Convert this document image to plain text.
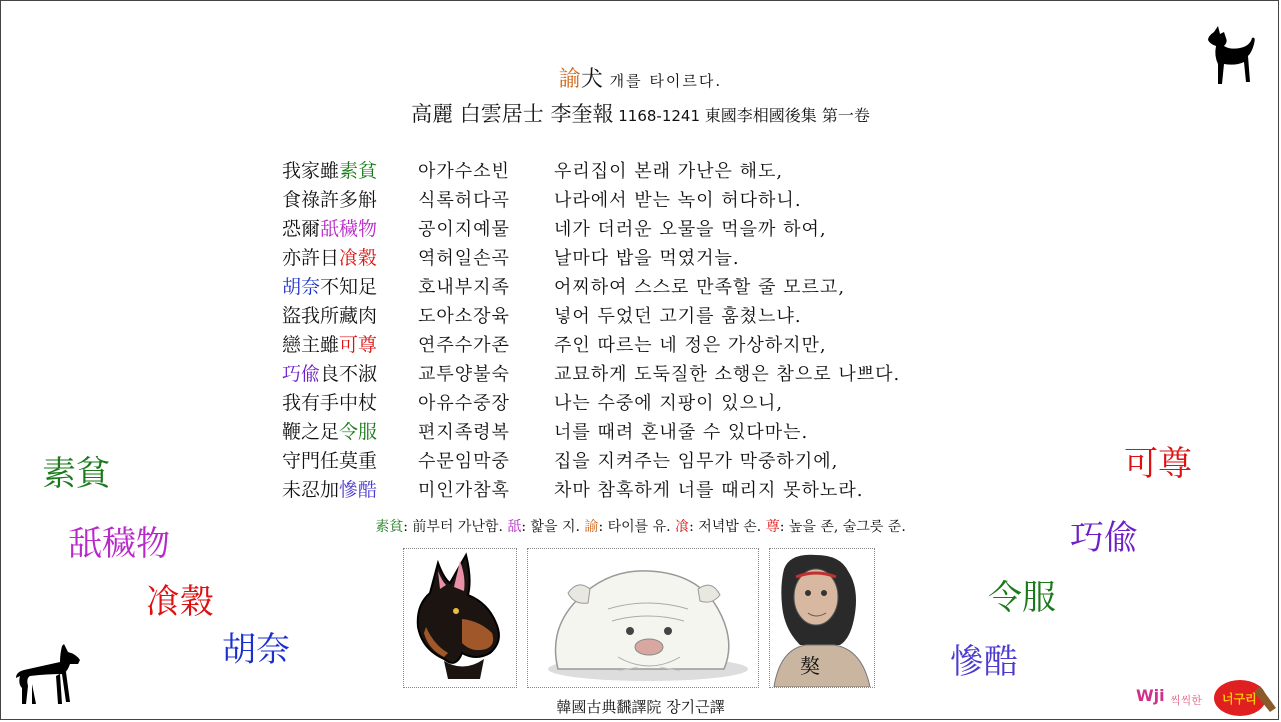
諭犬 개를 타이르다.
高麗 白雲居士 李奎報 1168-1241 東國李相國後集 第一卷
我家雖素貧 아가수소빈 우리집이 본래 가난은 해도,
食祿許多斛 식록허다곡 나라에서 받는 녹이 허다하니.
恐爾舐穢物 공이지예물 네가 더러운 오물을 먹을까 하여,
亦許日飡穀 역허일손곡 날마다 밥을 먹였거늘.
胡奈不知足 호내부지족 어찌하여 스스로 만족할 줄 모르고,
盜我所藏肉 도아소장육 넣어 두었던 고기를 훔쳤느냐.
戀主雖可尊 연주수가존 주인 따르는 네 정은 가상하지만,
巧偸良不淑 교투양불숙 교묘하게 도둑질한 소행은 참으로 나쁘다.
我有手中杖 아유수중장 나는 수중에 지팡이 있으니,
鞭之足令服 편지족령복 너를 때려 혼내줄 수 있다마는.
守門任莫重 수문임막중 집을 지켜주는 임무가 막중하기에,
未忍加慘酷 미인가참혹 차마 참혹하게 너를 때리지 못하노라.
素貧: 前부터 가난함. 舐: 핥을 지. 諭: 타이를 유. 飡: 저녁밥 손. 尊: 높을 존, 술그릇 준.
素貧
舐穢物
飡穀
胡奈
可尊
巧偸
令服
慘酷
獒
韓國古典飜譯院 장기근譯
Wji 씩씩한 너구리
